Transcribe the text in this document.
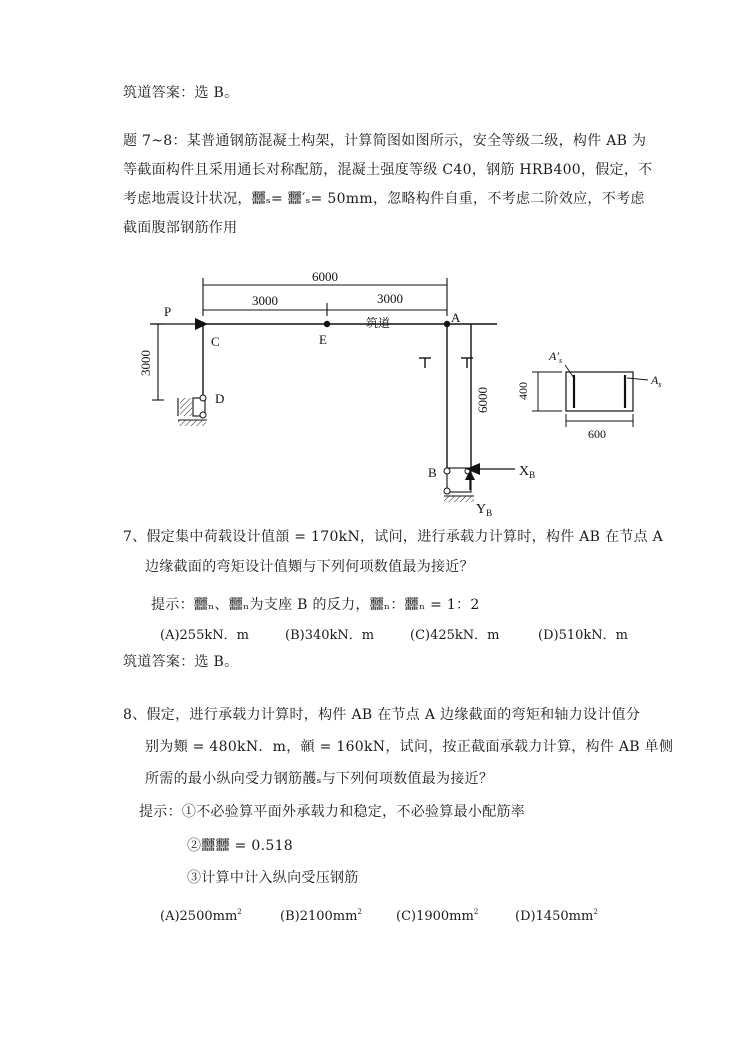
筑道答案：选 B。
题 7~8：某普通钢筋混凝土构架，计算简图如图所示，安全等级二级，构件 AB 为
等截面构件且采用通长对称配筋，混凝土强度等级 C40，钢筋 HRB400，假定，不
考虑地震设计状况，䨻ₛ= 䨻′ₛ= 50mm，忽略构件自重，不考虑二阶效应，不考虑
截面腹部钢筋作用
6000
3000	3000
P
C	E
A
筑道
3000
D	6000
B	$X_B$
$Y_B$
400
600
$A'_s$
$A_s$
7、假定集中荷载设计值䫓 = 170kN，试问，进行承载力计算时，构件 AB 在节点 A
边缘截面的弯矩设计值䫔与下列何项数值最为接近？
提示：䨻ₙ、䨻ₙ为支座 B 的反力，䨻ₙ：䨻ₙ = 1：2
(A)255kN．m	(B)340kN．m	(C)425kN．m	(D)510kN．m
筑道答案：选 B。
8、假定，进行承载力计算时，构件 AB 在节点 A 边缘截面的弯矩和轴力设计值分
别为䫔 = 480kN．m，䫕 = 160kN，试问，按正截面承载力计算，构件 AB 单侧
所需的最小纵向受力钢筋䨼ₛ与下列何项数值最为接近？
提示：①不必验算平面外承载力和稳定，不必验算最小配筋率
②䨻䨻 = 0.518
③计算中计入纵向受压钢筋
$(A)2500mm^2$	$(B)2100mm^2$	$(C)1900mm^2$	$(D)1450mm^2$
